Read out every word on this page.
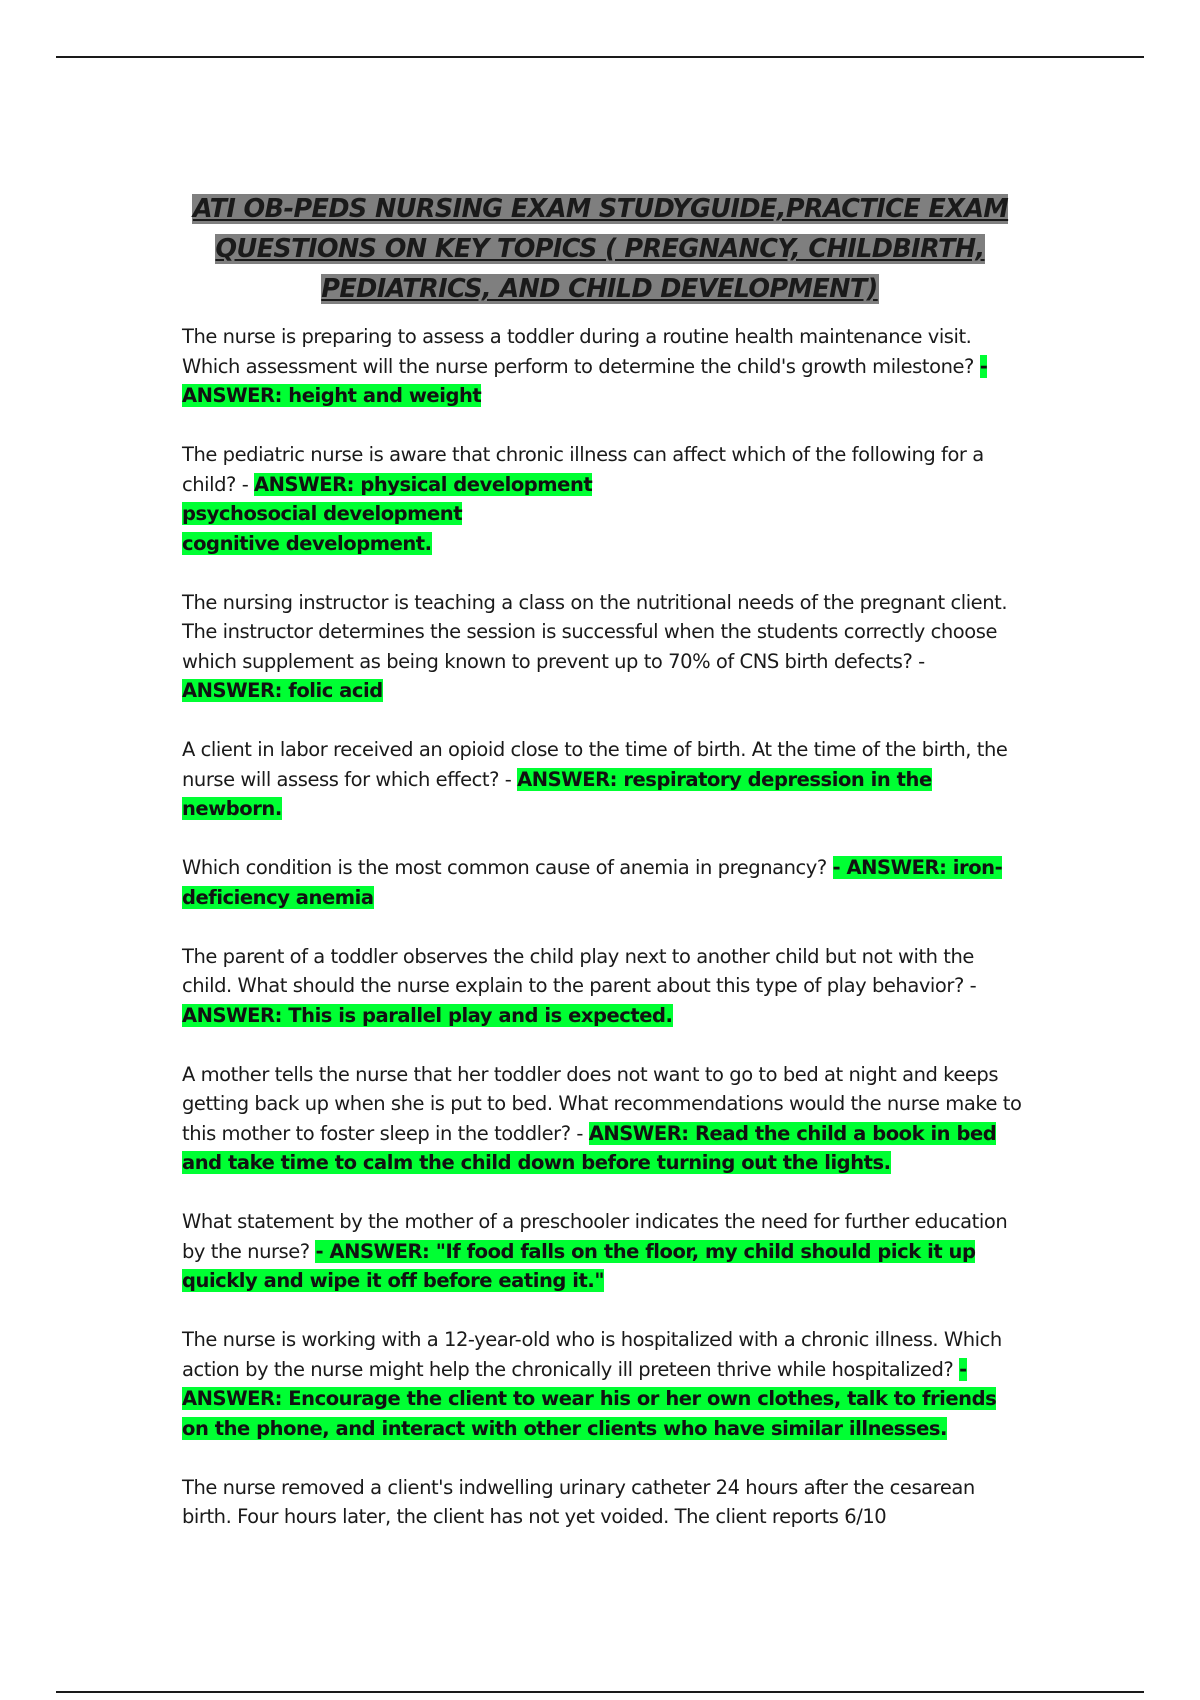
ATI OB-PEDS NURSING EXAM STUDYGUIDE,PRACTICE EXAM QUESTIONS ON KEY TOPICS ( PREGNANCY, CHILDBIRTH, PEDIATRICS, AND CHILD DEVELOPMENT)

The nurse is preparing to assess a toddler during a routine health maintenance visit. Which assessment will the nurse perform to determine the child's growth milestone? - ANSWER: height and weight

The pediatric nurse is aware that chronic illness can affect which of the following for a child? - ANSWER: physical development
psychosocial development
cognitive development.

The nursing instructor is teaching a class on the nutritional needs of the pregnant client. The instructor determines the session is successful when the students correctly choose which supplement as being known to prevent up to 70% of CNS birth defects? - ANSWER: folic acid

A client in labor received an opioid close to the time of birth. At the time of the birth, the nurse will assess for which effect? - ANSWER: respiratory depression in the newborn.

Which condition is the most common cause of anemia in pregnancy? - ANSWER: iron-deficiency anemia

The parent of a toddler observes the child play next to another child but not with the child. What should the nurse explain to the parent about this type of play behavior? - ANSWER: This is parallel play and is expected.

A mother tells the nurse that her toddler does not want to go to bed at night and keeps getting back up when she is put to bed. What recommendations would the nurse make to this mother to foster sleep in the toddler? - ANSWER: Read the child a book in bed and take time to calm the child down before turning out the lights.

What statement by the mother of a preschooler indicates the need for further education by the nurse? - ANSWER: "If food falls on the floor, my child should pick it up quickly and wipe it off before eating it."

The nurse is working with a 12-year-old who is hospitalized with a chronic illness. Which action by the nurse might help the chronically ill preteen thrive while hospitalized? - ANSWER: Encourage the client to wear his or her own clothes, talk to friends on the phone, and interact with other clients who have similar illnesses.

The nurse removed a client's indwelling urinary catheter 24 hours after the cesarean birth. Four hours later, the client has not yet voided. The client reports 6/10
